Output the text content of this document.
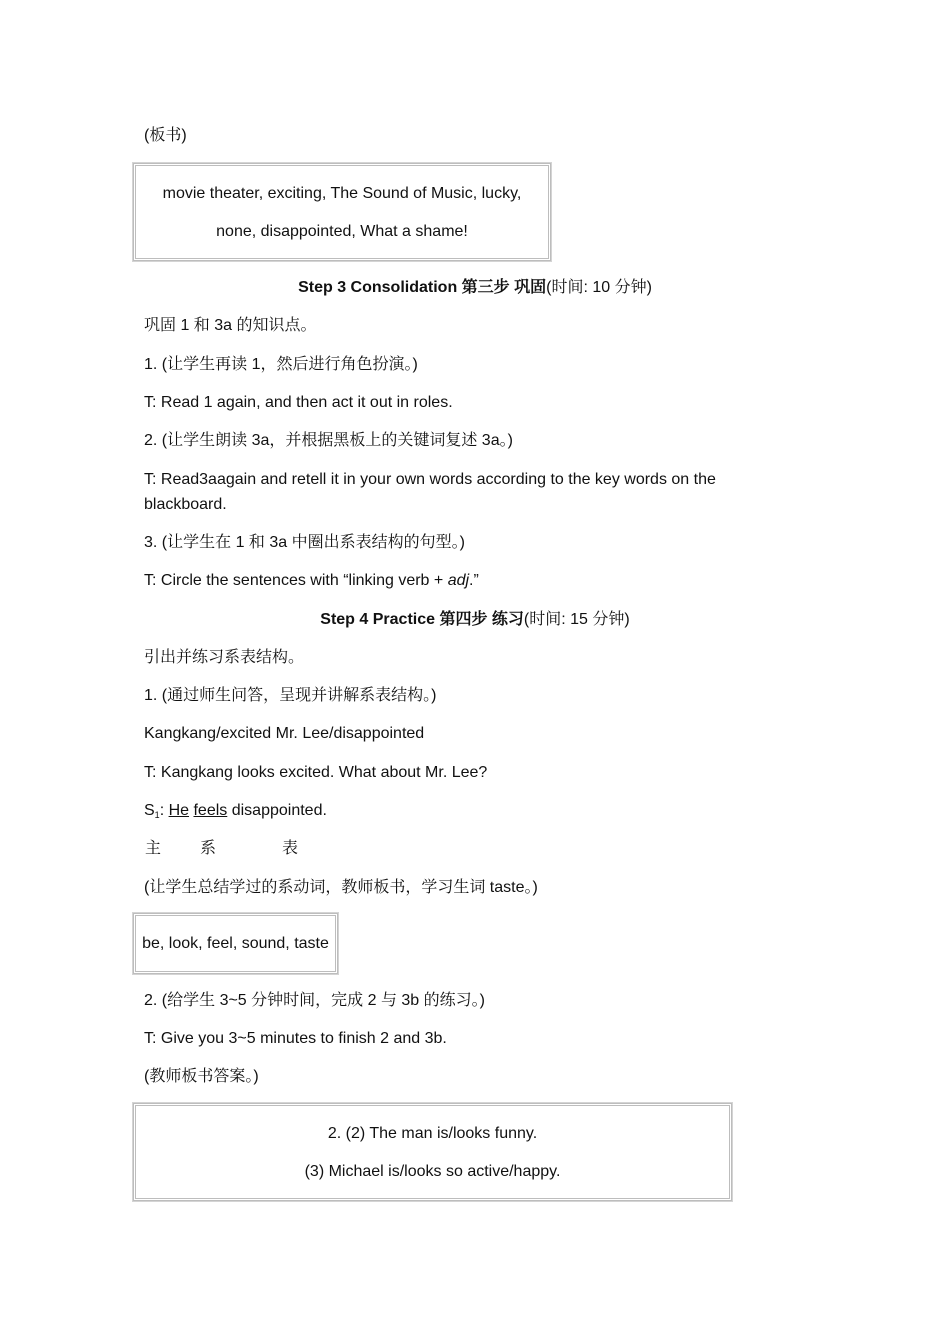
(板书)
movie theater, exciting, The Sound of Music, lucky,
none, disappointed, What a shame!
Step 3 Consolidation 第三步 巩固(时间: 10 分钟)
巩固 1 和 3a 的知识点。
1. (让学生再读 1，然后进行角色扮演。)
T: Read 1 again, and then act it out in roles.
2. (让学生朗读 3a，并根据黑板上的关键词复述 3a。)
T: Read3aagain and retell it in your own words according to the key words on the
blackboard.
3. (让学生在 1 和 3a 中圈出系表结构的句型。)
T: Circle the sentences with “linking verb + adj.”
Step 4 Practice 第四步 练习(时间: 15 分钟)
引出并练习系表结构。
1. (通过师生问答，呈现并讲解系表结构。)
Kangkang/excited Mr. Lee/disappointed
T: Kangkang looks excited. What about Mr. Lee?
$S_1$: He feels disappointed.
主 系	表
(让学生总结学过的系动词，教师板书，学习生词 taste。)
be, look, feel, sound, taste
2. (给学生 3~5 分钟时间，完成 2 与 3b 的练习。)
T: Give you 3~5 minutes to finish 2 and 3b.
(教师板书答案。)
2. (2) The man is/looks funny.
(3) Michael is/looks so active/happy.
